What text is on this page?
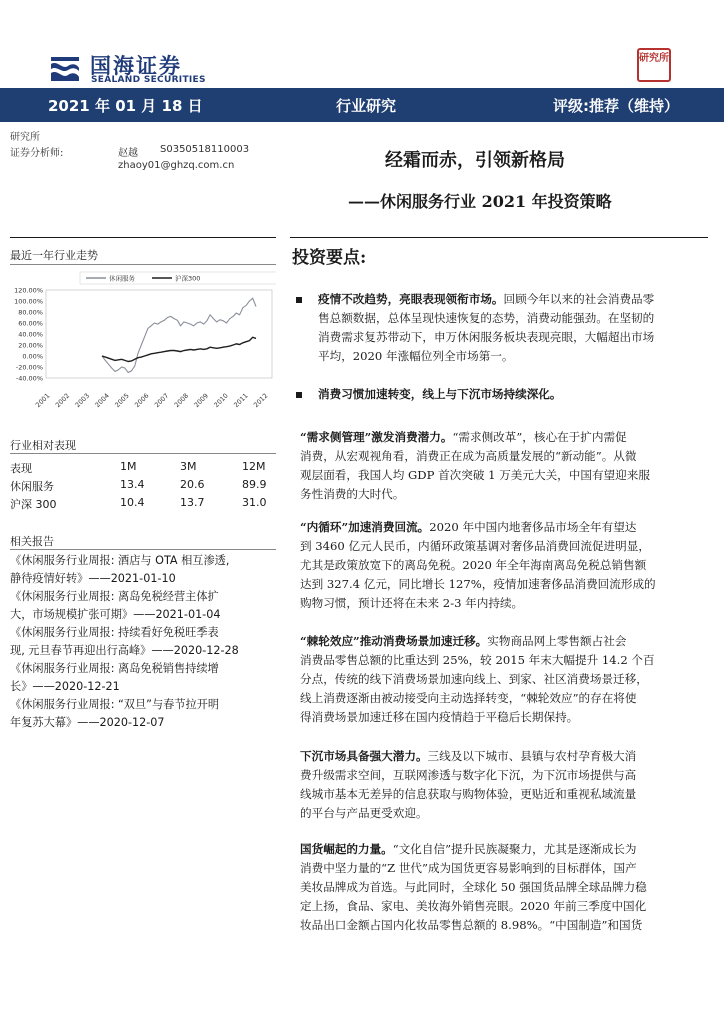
国海证券
SEALAND SECURITIES
研究所
2021 年 01 月 18 日	行业研究	评级:推荐（维持）
研究所
证券分析师:	赵越 S0350518110003
zhaoy01@ghzq.com.cn	经霜而赤，引领新格局
——休闲服务行业 2021 年投资策略
最近一年行业走势
120.00%
100.00%
80.00%
60.00%
40.00%
20.00%
0.00%
-20.00%
-40.00%
2001 2002 2003 2004 2005 2006 2007 2008 2009 2010 2011 2012
休闲服务	沪深300
行业相对表现
表现	1M	3M	12M
休闲服务	13.4	20.6	89.9
沪深 300	10.4	13.7	31.0
相关报告
《休闲服务行业周报: 酒店与 OTA 相互渗透,
静待疫情好转》——2021-01-10
《休闲服务行业周报: 离岛免税经营主体扩
大，市场规模扩张可期》——2021-01-04
《休闲服务行业周报: 持续看好免税旺季表
现, 元旦春节再迎出行高峰》——2020-12-28
《休闲服务行业周报: 离岛免税销售持续增
长》——2020-12-21
《休闲服务行业周报: “双旦”与春节拉开明
年复苏大幕》——2020-12-07
投资要点:
疫情不改趋势，亮眼表现领衔市场。回顾今年以来的社会消费品零
售总额数据，总体呈现快速恢复的态势，消费动能强劲。在坚韧的
消费需求复苏带动下，申万休闲服务板块表现亮眼，大幅超出市场
平均，2020 年涨幅位列全市场第一。
消费习惯加速转变，线上与下沉市场持续深化。
“需求侧管理”激发消费潜力。“需求侧改革”，核心在于扩内需促
消费，从宏观视角看，消费正在成为高质量发展的“新动能”。从微
观层面看，我国人均 GDP 首次突破 1 万美元大关，中国有望迎来服
务性消费的大时代。
“内循环”加速消费回流。2020 年中国内地奢侈品市场全年有望达
到 3460 亿元人民币，内循环政策基调对奢侈品消费回流促进明显，
尤其是政策放宽下的离岛免税。2020 年全年海南离岛免税总销售额
达到 327.4 亿元，同比增长 127%，疫情加速奢侈品消费回流形成的
购物习惯，预计还将在未来 2-3 年内持续。
“棘轮效应”推动消费场景加速迁移。实物商品网上零售额占社会
消费品零售总额的比重达到 25%，较 2015 年末大幅提升 14.2 个百
分点，传统的线下消费场景加速向线上、到家、社区消费场景迁移，
线上消费逐渐由被动接受向主动选择转变，“棘轮效应”的存在将使
得消费场景加速迁移在国内疫情趋于平稳后长期保持。
下沉市场具备强大潜力。三线及以下城市、县镇与农村孕育极大消
费升级需求空间，互联网渗透与数字化下沉，为下沉市场提供与高
线城市基本无差异的信息获取与购物体验，更贴近和重视私域流量
的平台与产品更受欢迎。
国货崛起的力量。“文化自信”提升民族凝聚力，尤其是逐渐成长为
消费中坚力量的“Z 世代”成为国货更容易影响到的目标群体，国产
美妆品牌成为首选。与此同时，全球化 50 强国货品牌全球品牌力稳
定上扬，食品、家电、美妆海外销售亮眼。2020 年前三季度中国化
妆品出口金额占国内化妆品零售总额的 8.98%。“中国制造”和国货
